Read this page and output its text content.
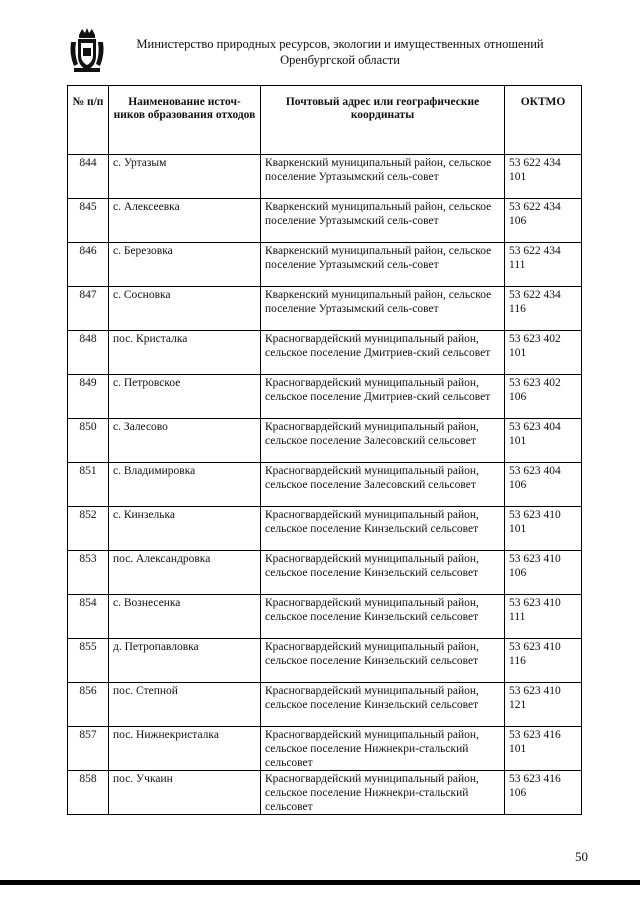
Министерство природных ресурсов, экологии и имущественных отношений
Оренбургской области
№ п/п	Наименование источ-ников образования отходов	Почтовый адрес или географические координаты	ОКТМО
844	с. Уртазым	Кваркенский муниципальный район, сельское поселение Уртазымский сель-совет	53 622 434 101
845	с. Алексеевка	Кваркенский муниципальный район, сельское поселение Уртазымский сель-совет	53 622 434 106
846	с. Березовка	Кваркенский муниципальный район, сельское поселение Уртазымский сель-совет	53 622 434 111
847	с. Сосновка	Кваркенский муниципальный район, сельское поселение Уртазымский сель-совет	53 622 434 116
848	пос. Кристалка	Красногвардейский муниципальный район, сельское поселение Дмитриев-ский сельсовет	53 623 402 101
849	с. Петровское	Красногвардейский муниципальный район, сельское поселение Дмитриев-ский сельсовет	53 623 402 106
850	с. Залесово	Красногвардейский муниципальный район, сельское поселение Залесовский сельсовет	53 623 404 101
851	с. Владимировка	Красногвардейский муниципальный район, сельское поселение Залесовский сельсовет	53 623 404 106
852	с. Кинзелька	Красногвардейский муниципальный район, сельское поселение Кинзельский сельсовет	53 623 410 101
853	пос. Александровка	Красногвардейский муниципальный район, сельское поселение Кинзельский сельсовет	53 623 410 106
854	с. Вознесенка	Красногвардейский муниципальный район, сельское поселение Кинзельский сельсовет	53 623 410 111
855	д. Петропавловка	Красногвардейский муниципальный район, сельское поселение Кинзельский сельсовет	53 623 410 116
856	пос. Степной	Красногвардейский муниципальный район, сельское поселение Кинзельский сельсовет	53 623 410 121
857	пос. Нижнекристалка	Красногвардейский муниципальный район, сельское поселение Нижнекри-стальский сельсовет	53 623 416 101
858	пос. Учкаин	Красногвардейский муниципальный район, сельское поселение Нижнекри-стальский сельсовет	53 623 416 106
50
